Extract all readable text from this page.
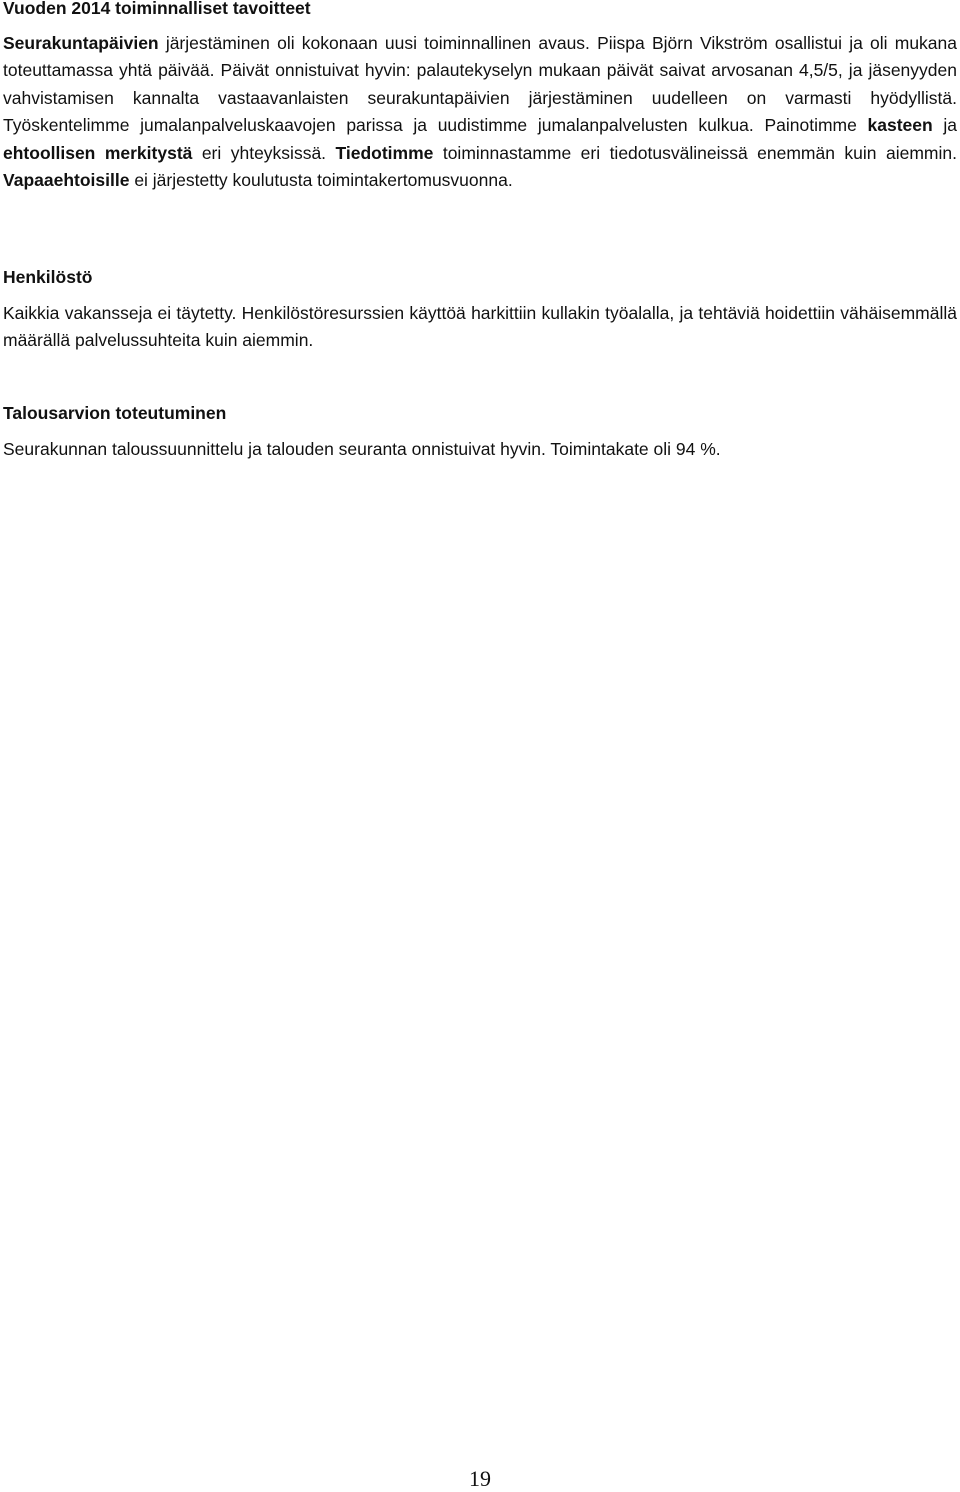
Vuoden 2014 toiminnalliset tavoitteet

Seurakuntapäivien järjestäminen oli kokonaan uusi toiminnallinen avaus. Piispa Björn Vikström osallistui ja oli mukana toteuttamassa yhtä päivää. Päivät onnistuivat hyvin: palautekyselyn mukaan päivät saivat arvosanan 4,5/5, ja jäsenyyden vahvistamisen kannalta vastaavanlaisten seurakuntapäivien järjestäminen uudelleen on varmasti hyödyllistä. Työskentelimme jumalanpalveluskaavojen parissa ja uudistimme jumalanpalvelusten kulkua. Painotimme kasteen ja ehtoollisen merkitystä eri yhteyksissä. Tiedotimme toiminnastamme eri tiedotusvälineissä enemmän kuin aiemmin. Vapaaehtoisille ei järjestetty koulutusta toimintakertomusvuonna.

Henkilöstö

Kaikkia vakansseja ei täytetty. Henkilöstöresurssien käyttöä harkittiin kullakin työalalla, ja tehtäviä hoidettiin vähäisemmällä määrällä palvelussuhteita kuin aiemmin.

Talousarvion toteutuminen

Seurakunnan taloussuunnittelu ja talouden seuranta onnistuivat hyvin. Toimintakate oli 94 %.

19
